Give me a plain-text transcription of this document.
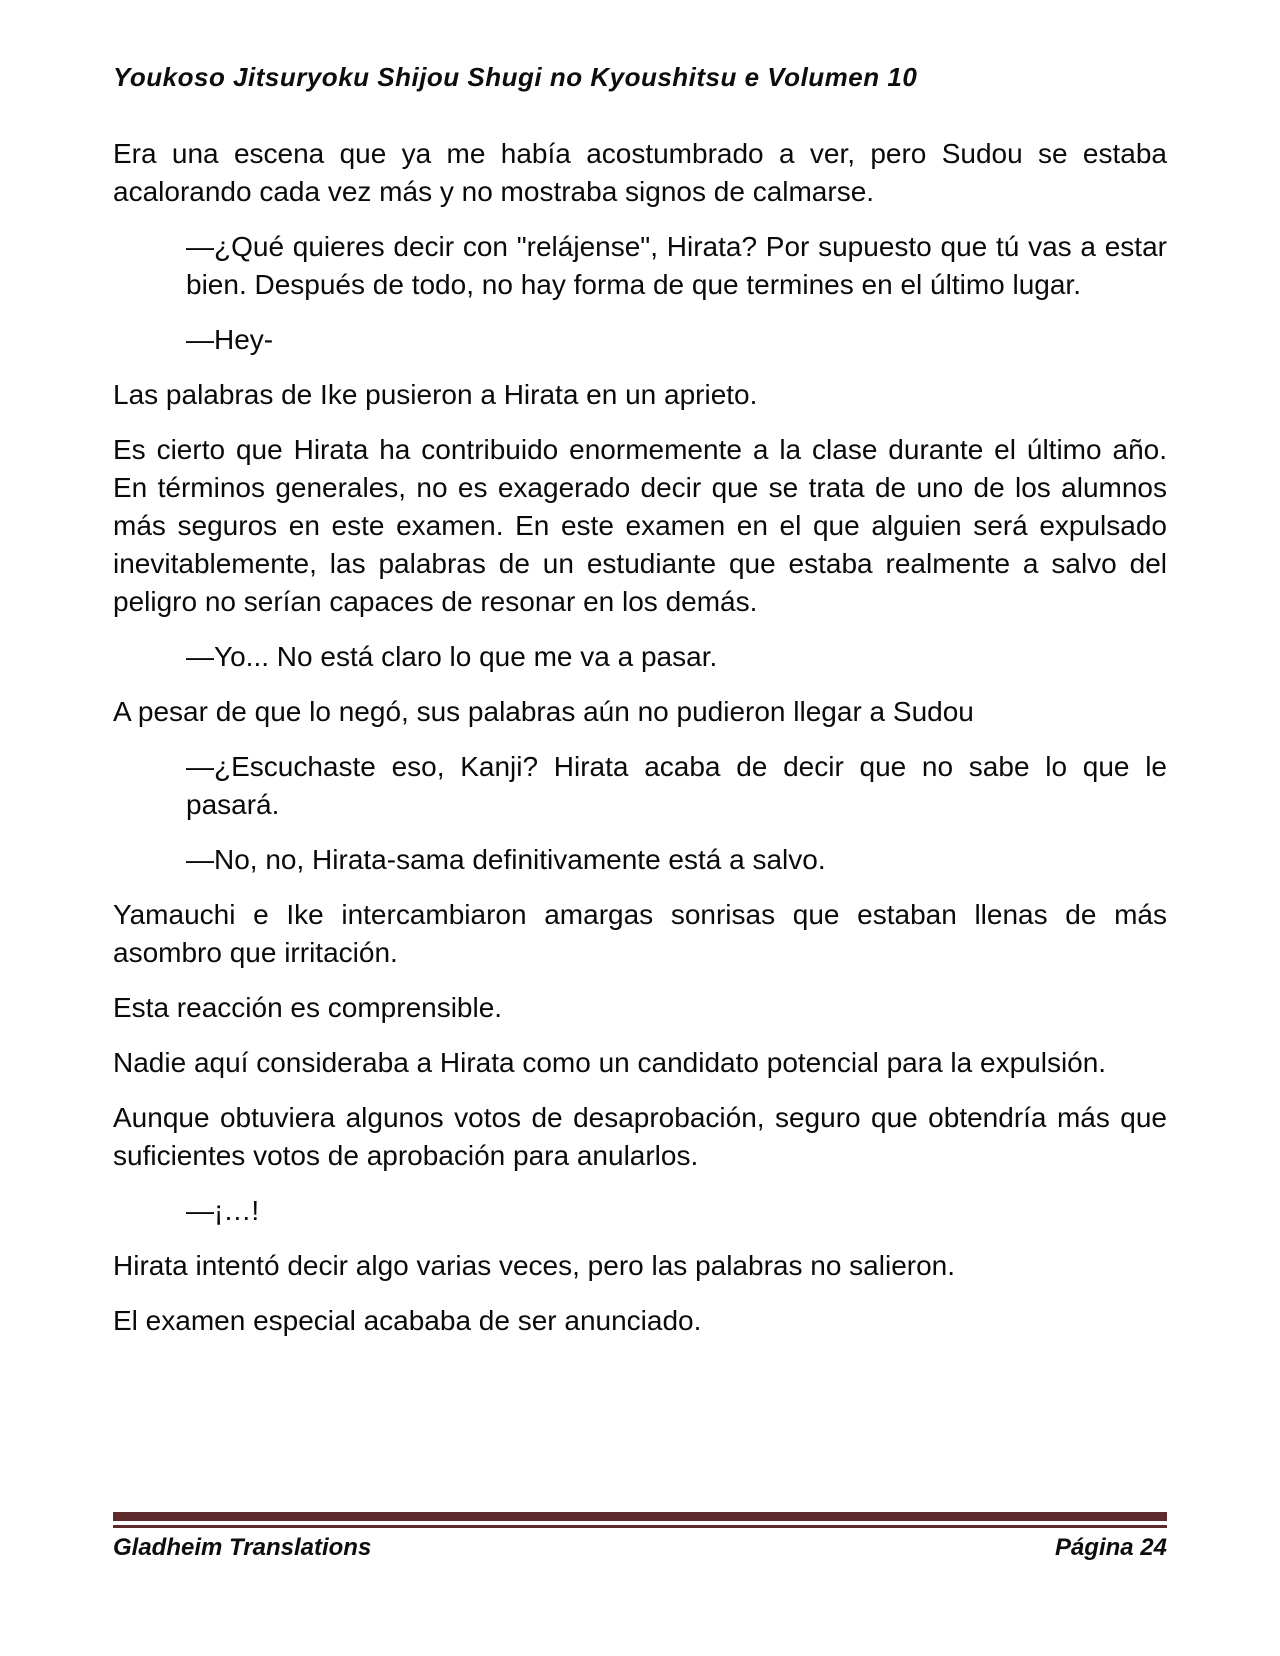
Youkoso Jitsuryoku Shijou Shugi no Kyoushitsu e Volumen 10

Era una escena que ya me había acostumbrado a ver, pero Sudou se estaba acalorando cada vez más y no mostraba signos de calmarse.

—¿Qué quieres decir con "relájense", Hirata? Por supuesto que tú vas a estar bien. Después de todo, no hay forma de que termines en el último lugar.

—Hey-

Las palabras de Ike pusieron a Hirata en un aprieto.

Es cierto que Hirata ha contribuido enormemente a la clase durante el último año. En términos generales, no es exagerado decir que se trata de uno de los alumnos más seguros en este examen. En este examen en el que alguien será expulsado inevitablemente, las palabras de un estudiante que estaba realmente a salvo del peligro no serían capaces de resonar en los demás.

—Yo... No está claro lo que me va a pasar.

A pesar de que lo negó, sus palabras aún no pudieron llegar a Sudou

—¿Escuchaste eso, Kanji? Hirata acaba de decir que no sabe lo que le pasará.

—No, no, Hirata-sama definitivamente está a salvo.

Yamauchi e Ike intercambiaron amargas sonrisas que estaban llenas de más asombro que irritación.

Esta reacción es comprensible.

Nadie aquí consideraba a Hirata como un candidato potencial para la expulsión.

Aunque obtuviera algunos votos de desaprobación, seguro que obtendría más que suficientes votos de aprobación para anularlos.

—¡…!

Hirata intentó decir algo varias veces, pero las palabras no salieron.

El examen especial acababa de ser anunciado.

Gladheim Translations	Página 24
